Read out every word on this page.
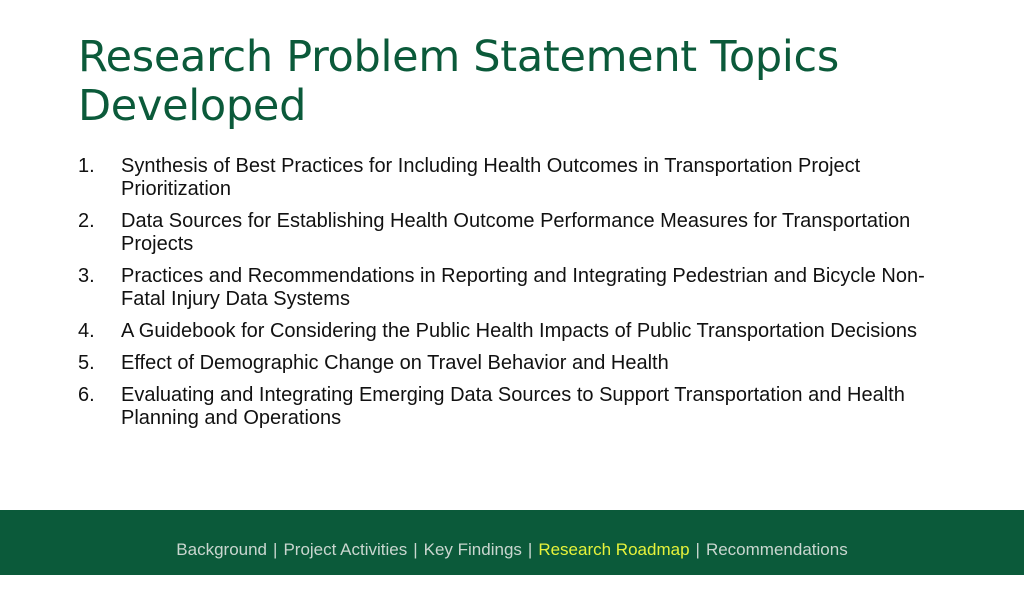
Research Problem Statement Topics Developed
1.	Synthesis of Best Practices for Including Health Outcomes in Transportation Project Prioritization
2.	Data Sources for Establishing Health Outcome Performance Measures for Transportation Projects
3.	Practices and Recommendations in Reporting and Integrating Pedestrian and Bicycle Non-Fatal Injury Data Systems
4.	A Guidebook for Considering the Public Health Impacts of Public Transportation Decisions
5.	Effect of Demographic Change on Travel Behavior and Health
6.	Evaluating and Integrating Emerging Data Sources to Support Transportation and Health Planning and Operations
Background | Project Activities | Key Findings | Research Roadmap | Recommendations
